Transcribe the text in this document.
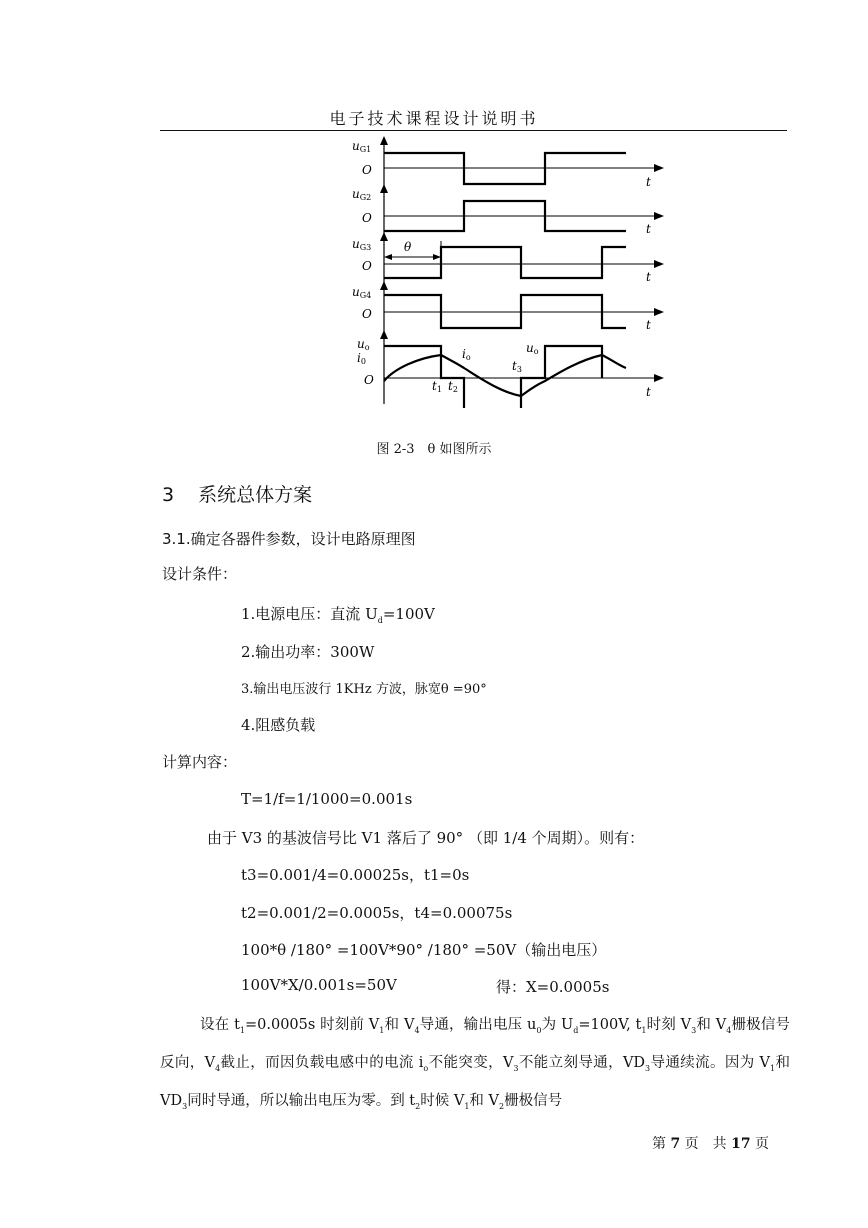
电子技术课程设计说明书
uG1
O
t
uG2
O
t
uG3
O
t
θ
uG4
O
t
uo
i0
O
t
io
uo
t1 t2
t3
图 2-3　θ 如图所示
3 系统总体方案
3.1.确定各器件参数，设计电路原理图
设计条件：
1.电源电压：直流 $U_d=100V$
2.输出功率：300W
3.输出电压波行 1KHz 方波，脉宽θ =90°
4.阻感负载
计算内容：
T=1/f=1/1000=0.001s
由于 V3 的基波信号比 V1 落后了 90° （即 1/4 个周期）。则有：
t3=0.001/4=0.00025s，t1=0s
t2=0.001/2=0.0005s，t4=0.00075s
100*θ /180° =100V*90° /180° =50V（输出电压）
100V*X/0.001s=50V	得：X=0.0005s
设在 $t_1=0.0005s$ 时刻前 $V_1$和 $V_4$导通，输出电压 $u_0$为 $U_d=100V$, $t_1$时刻 $V_3$和 $V_4$栅极信号反向，$V_4$截止，而因负载电感中的电流 $i_o$不能突变，$V_3$不能立刻导通，$VD_3$导通续流。因为 $V_1$和 $VD_3$同时导通，所以输出电压为零。到 $t_2$时候 $V_1$和 $V_2$栅极信号
第 7 页　共 17 页
